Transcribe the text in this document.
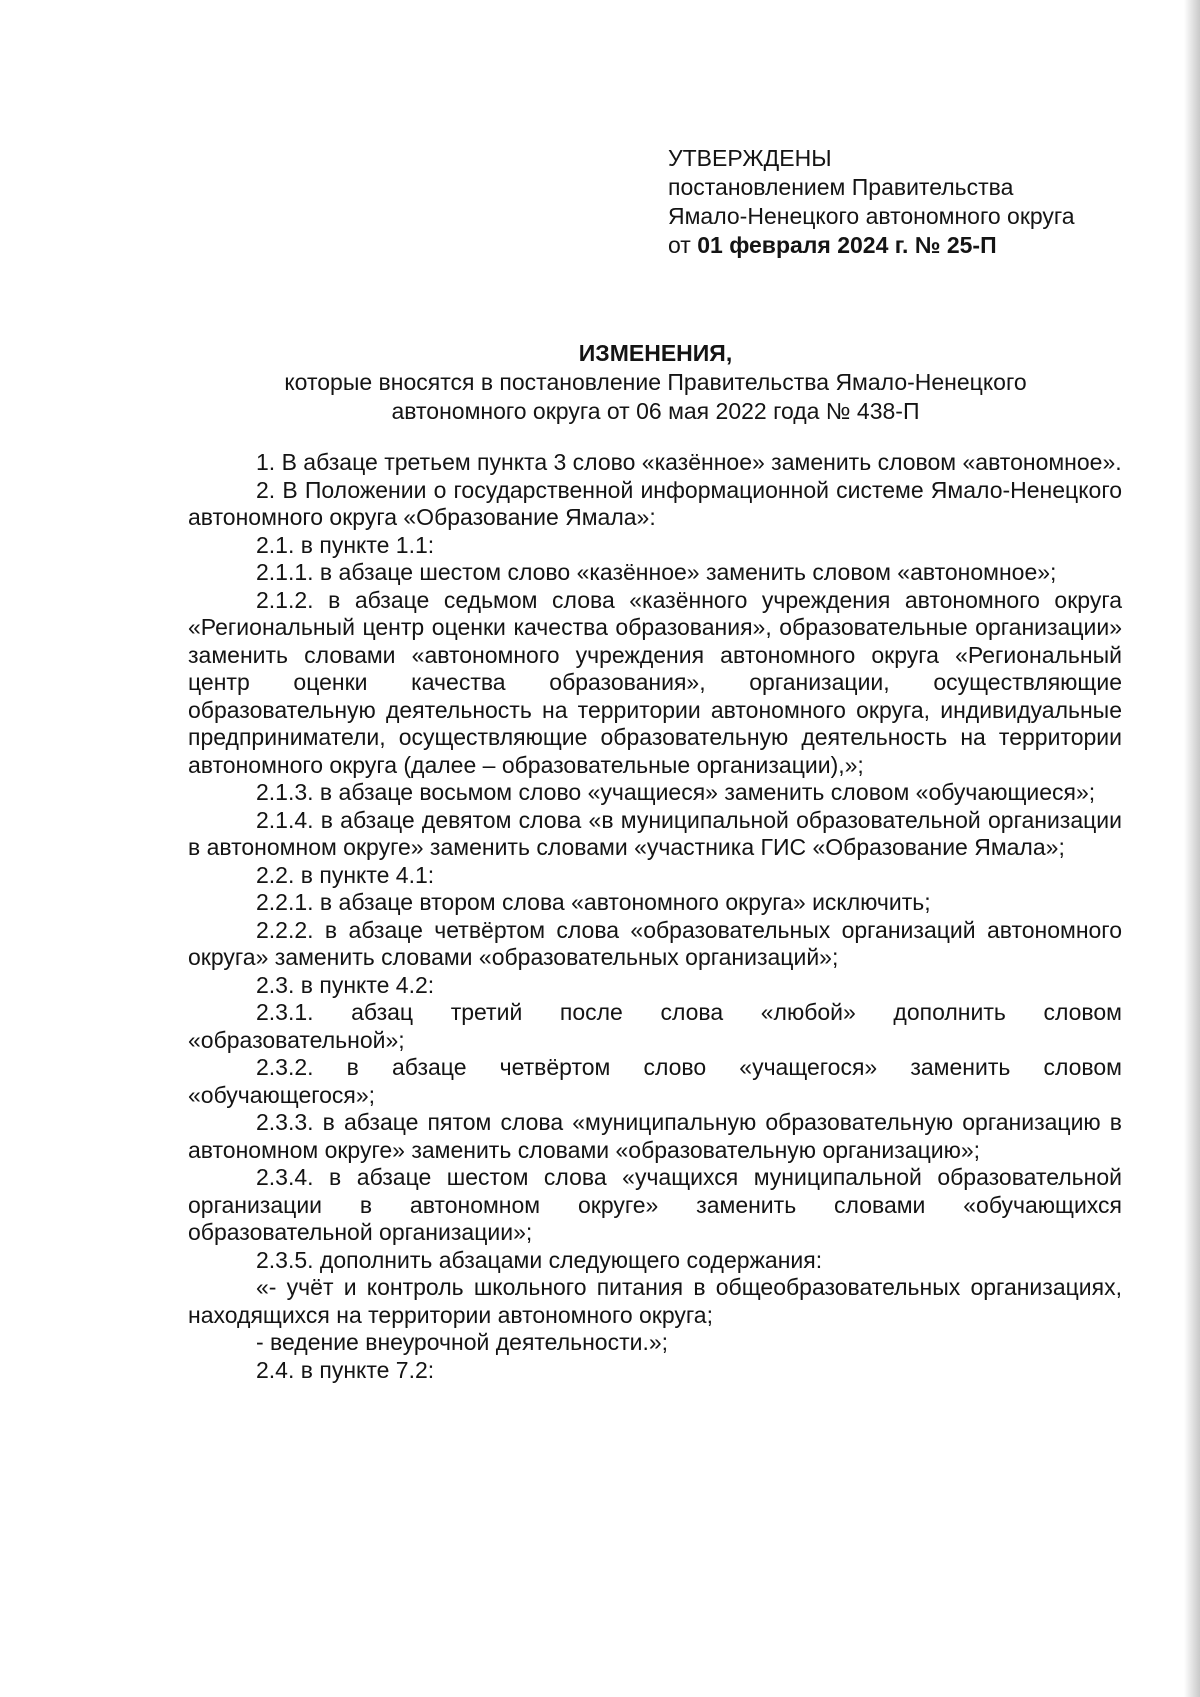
УТВЕРЖДЕНЫ

постановлением Правительства

Ямало-Ненецкого автономного округа

от 01 февраля 2024 г. № 25-П

ИЗМЕНЕНИЯ,

которые вносятся в постановление Правительства Ямало-Ненецкого
автономного округа от 06 мая 2022 года № 438-П

1. В абзаце третьем пункта 3 слово «казённое» заменить словом «автономное».

2. В Положении о государственной информационной системе Ямало-Ненецкого автономного округа «Образование Ямала»:

2.1. в пункте 1.1:

2.1.1. в абзаце шестом слово «казённое» заменить словом «автономное»;

2.1.2. в абзаце седьмом слова «казённого учреждения автономного округа «Региональный центр оценки качества образования», образовательные организации» заменить словами «автономного учреждения автономного округа «Региональный центр оценки качества образования», организации, осуществляющие образовательную деятельность на территории автономного округа, индивидуальные предприниматели, осуществляющие образовательную деятельность на территории автономного округа (далее – образовательные организации),»;

2.1.3. в абзаце восьмом слово «учащиеся» заменить словом «обучающиеся»;

2.1.4. в абзаце девятом слова «в муниципальной образовательной организации в автономном округе» заменить словами «участника ГИС «Образование Ямала»;

2.2. в пункте 4.1:

2.2.1. в абзаце втором слова «автономного округа» исключить;

2.2.2. в абзаце четвёртом слова «образовательных организаций автономного округа» заменить словами «образовательных организаций»;

2.3. в пункте 4.2:

2.3.1. абзац третий после слова «любой» дополнить словом «образовательной»;

2.3.2. в абзаце четвёртом слово «учащегося» заменить словом «обучающегося»;

2.3.3. в абзаце пятом слова «муниципальную образовательную организацию в автономном округе» заменить словами «образовательную организацию»;

2.3.4. в абзаце шестом слова «учащихся муниципальной образовательной организации в автономном округе» заменить словами «обучающихся образовательной организации»;

2.3.5. дополнить абзацами следующего содержания:

«- учёт и контроль школьного питания в общеобразовательных организациях, находящихся на территории автономного округа;

- ведение внеурочной деятельности.»;

2.4. в пункте 7.2:
